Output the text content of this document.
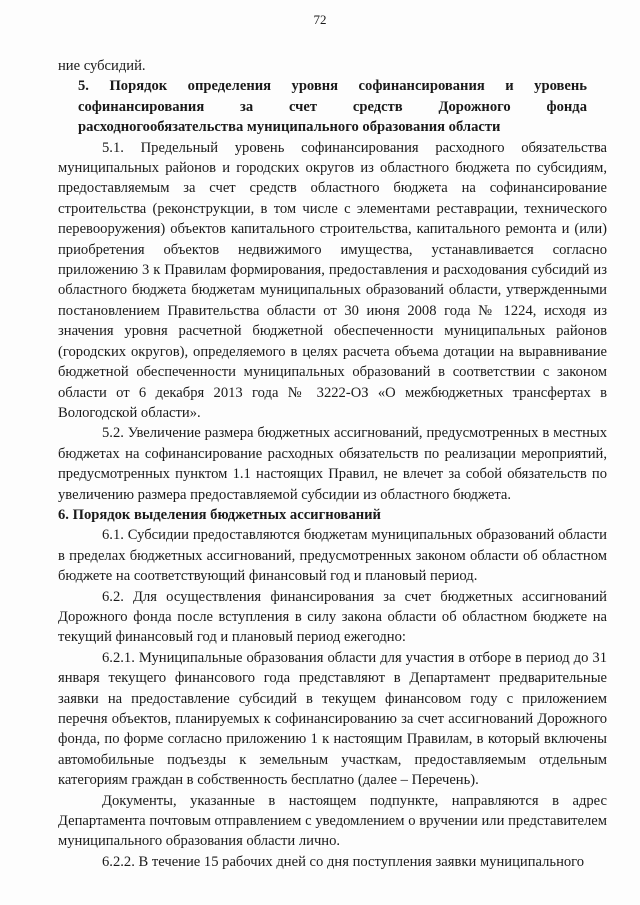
72

ние субсидий.

5. Порядок определения уровня софинансирования и уровень софинансирования за счет средств Дорожного фонда расходногообязательства муниципального образования области

5.1. Предельный уровень софинансирования расходного обязательства муниципальных районов и городских округов из областного бюджета по субсидиям, предоставляемым за счет средств областного бюджета на софинансирование строительства (реконструкции, в том числе с элементами реставрации, технического перевооружения) объектов капитального строительства, капитального ремонта и (или) приобретения объектов недвижимого имущества, устанавливается согласно приложению 3 к Правилам формирования, предоставления и расходования субсидий из областного бюджета бюджетам муниципальных образований области, утвержденными постановлением Правительства области от 30 июня 2008 года № 1224, исходя из значения уровня расчетной бюджетной обеспеченности муниципальных районов (городских округов), определяемого в целях расчета объема дотации на выравнивание бюджетной обеспеченности муниципальных образований в соответствии с законом области от 6 декабря 2013 года № 3222-ОЗ «О межбюджетных трансфертах в Вологодской области».

5.2. Увеличение размера бюджетных ассигнований, предусмотренных в местных бюджетах на софинансирование расходных обязательств по реализации мероприятий, предусмотренных пунктом 1.1 настоящих Правил, не влечет за собой обязательств по увеличению размера предоставляемой субсидии из областного бюджета.

6. Порядок выделения бюджетных ассигнований

6.1. Субсидии предоставляются бюджетам муниципальных образований области в пределах бюджетных ассигнований, предусмотренных законом области об областном бюджете на соответствующий финансовый год и плановый период.

6.2. Для осуществления финансирования за счет бюджетных ассигнований Дорожного фонда после вступления в силу закона области об областном бюджете на текущий финансовый год и плановый период ежегодно:

6.2.1. Муниципальные образования области для участия в отборе в период до 31 января текущего финансового года представляют в Департамент предварительные заявки на предоставление субсидий в текущем финансовом году с приложением перечня объектов, планируемых к софинансированию за счет ассигнований Дорожного фонда, по форме согласно приложению 1 к настоящим Правилам, в который включены автомобильные подъезды к земельным участкам, предоставляемым отдельным категориям граждан в собственность бесплатно (далее – Перечень).

Документы, указанные в настоящем подпункте, направляются в адрес Департамента почтовым отправлением с уведомлением о вручении или представителем муниципального образования области лично.

6.2.2. В течение 15 рабочих дней со дня поступления заявки муниципального
